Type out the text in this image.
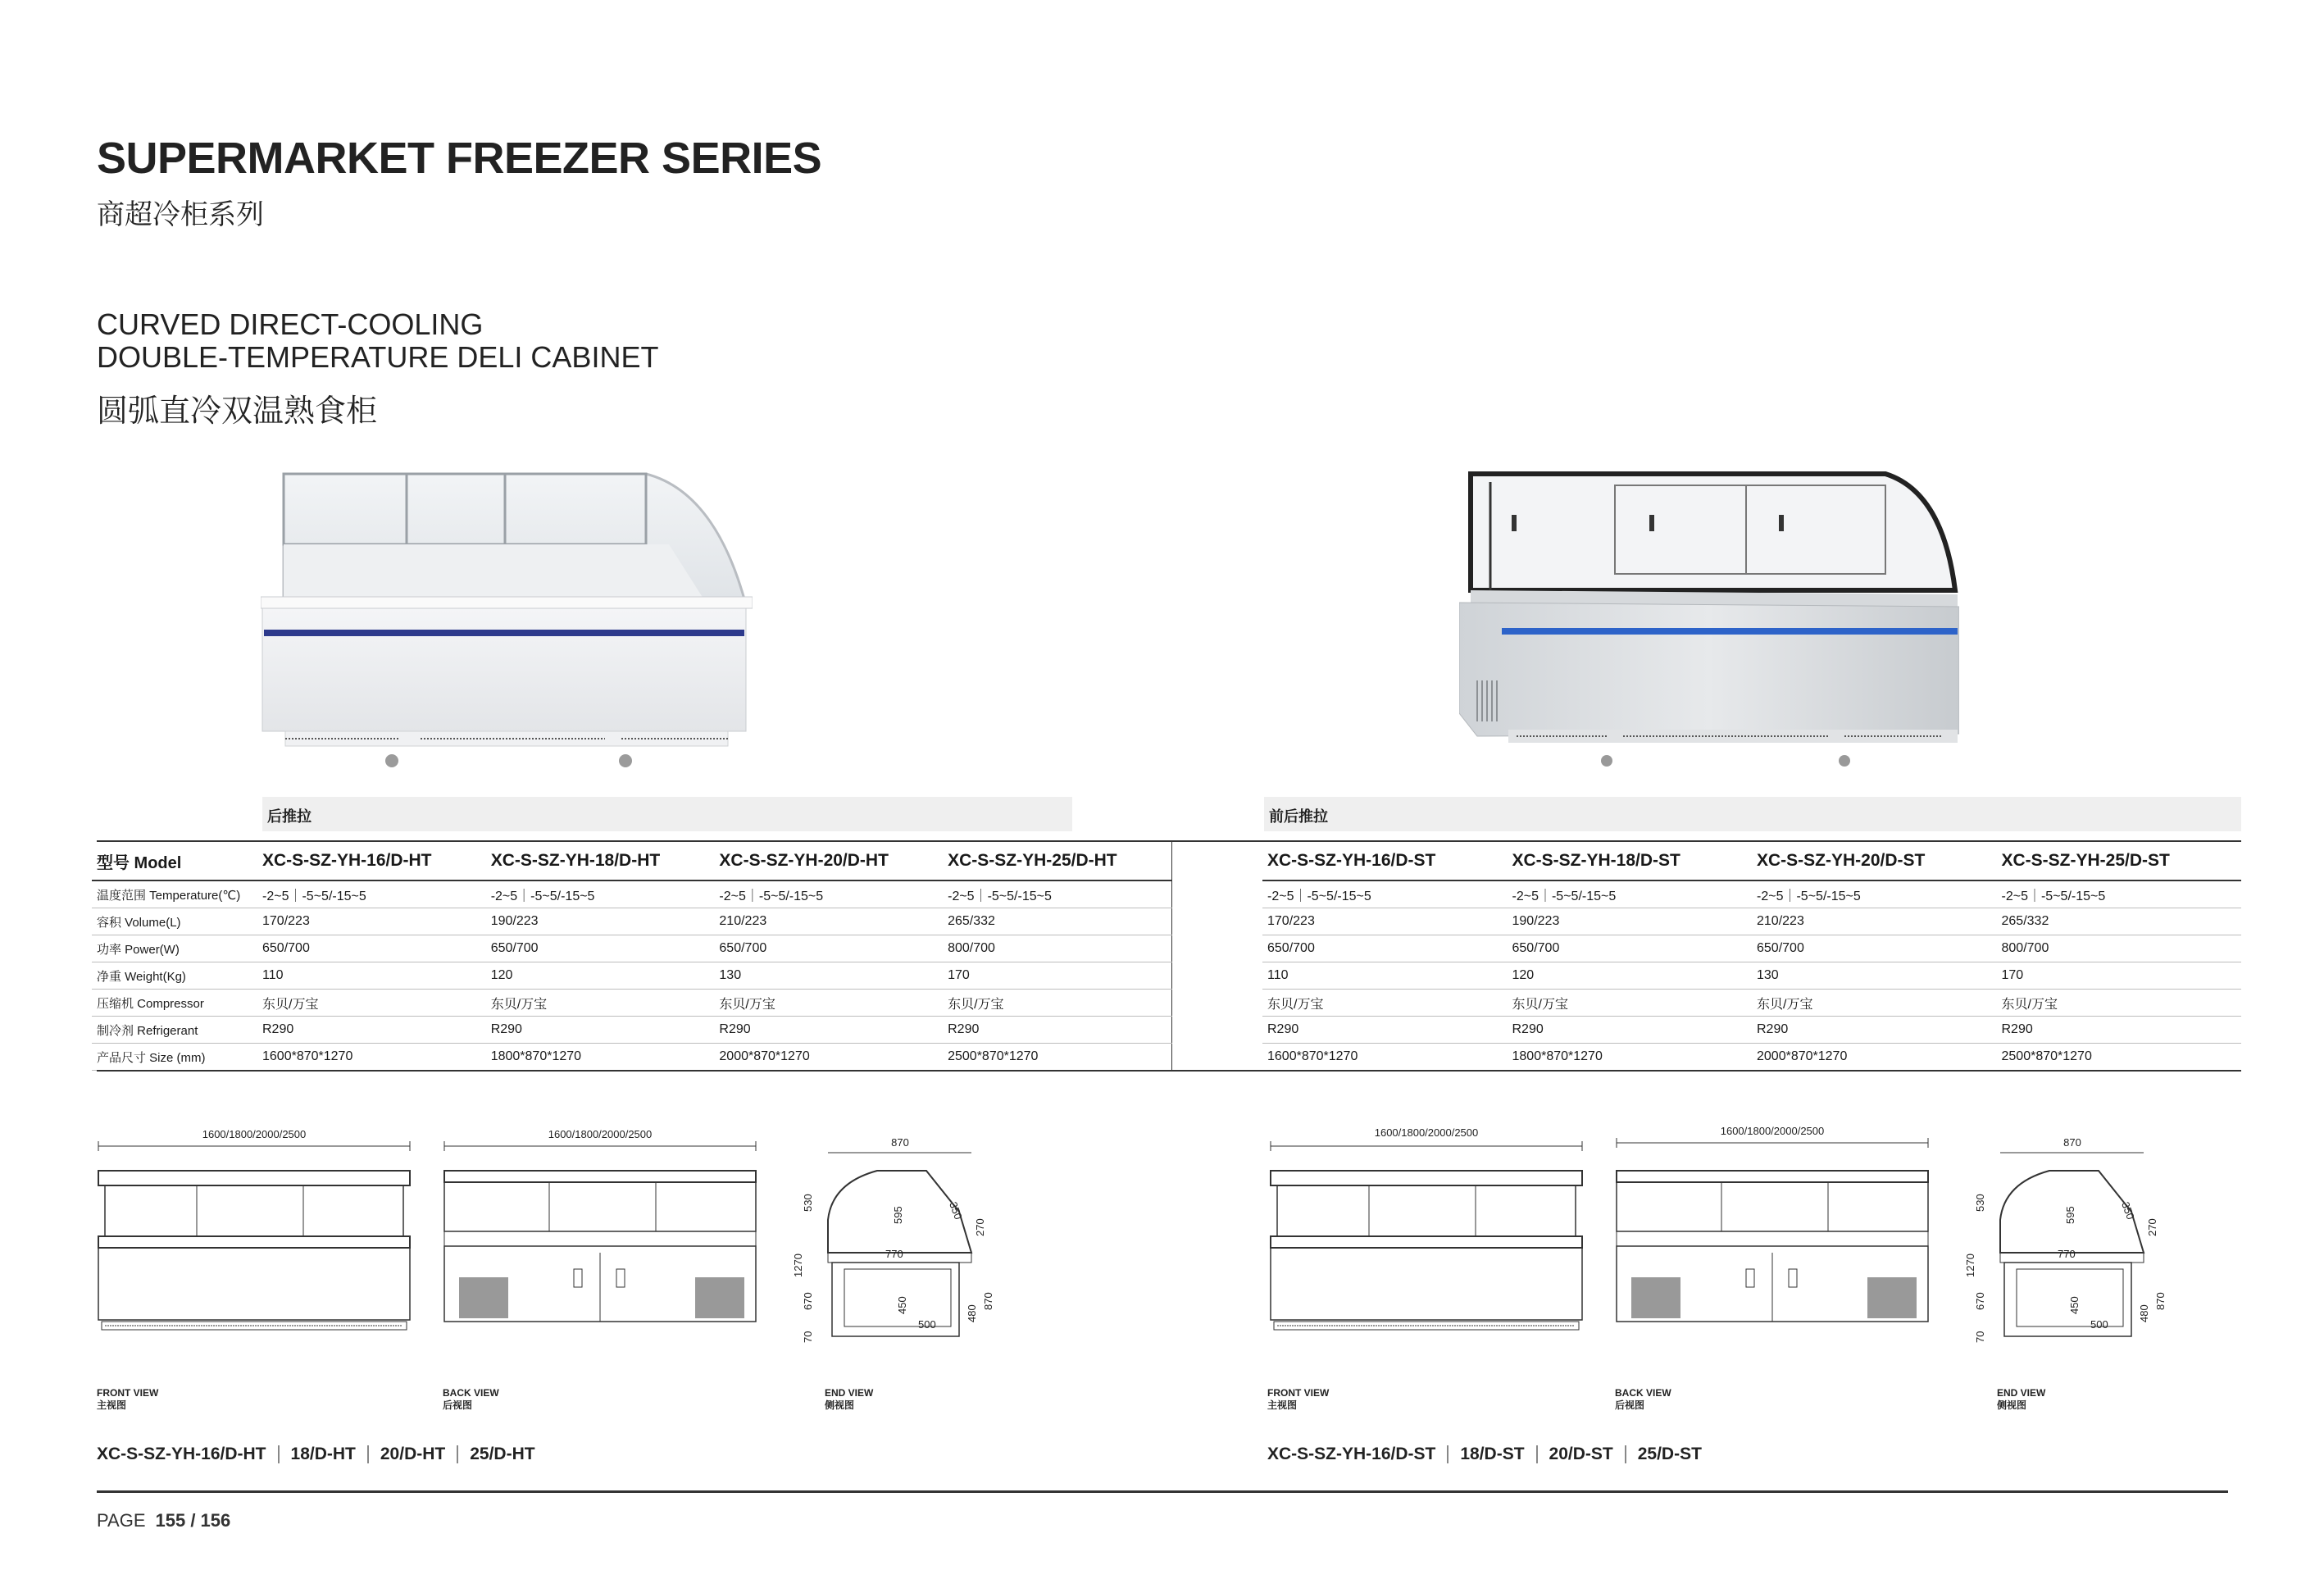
SUPERMARKET FREEZER SERIES
商超冷柜系列
CURVED DIRECT-COOLING
DOUBLE-TEMPERATURE DELI CABINET
圆弧直冷双温熟食柜
后推拉	前后推拉
型号 Model	XC-S-SZ-YH-16/D-HT	XC-S-SZ-YH-18/D-HT	XC-S-SZ-YH-20/D-HT	XC-S-SZ-YH-25/D-HT
温度范围 Temperature(℃)	-2~5｜-5~5/-15~5	-2~5｜-5~5/-15~5	-2~5｜-5~5/-15~5	-2~5｜-5~5/-15~5
容积 Volume(L)	170/223	190/223	210/223	265/332
功率 Power(W)	650/700	650/700	650/700	800/700
净重 Weight(Kg)	110	120	130	170
压缩机 Compressor	东贝/万宝	东贝/万宝	东贝/万宝	东贝/万宝
制冷剂 Refrigerant	R290	R290	R290	R290
产品尺寸 Size (mm)	1600*870*1270	1800*870*1270	2000*870*1270	2500*870*1270
XC-S-SZ-YH-16/D-ST	XC-S-SZ-YH-18/D-ST	XC-S-SZ-YH-20/D-ST	XC-S-SZ-YH-25/D-ST
-2~5｜-5~5/-15~5	-2~5｜-5~5/-15~5	-2~5｜-5~5/-15~5	-2~5｜-5~5/-15~5
170/223	190/223	210/223	265/332
650/700	650/700	650/700	800/700
110	120	130	170
东贝/万宝	东贝/万宝	东贝/万宝	东贝/万宝
R290	R290	R290	R290
1600*870*1270	1800*870*1270	2000*870*1270	2500*870*1270
1600/1800/2000/2500	1600/1800/2000/2500
870
350
530
595
770
270
1270
670	450
500
480
870
70
1600/1800/2000/2500	1600/1800/2000/2500
870
350
530
595
770
270
1270
670	450
500
480
870
70
FRONT VIEW
主视图
BACK VIEW
后视图
END VIEW
侧视图
FRONT VIEW
主视图
BACK VIEW
后视图
END VIEW
侧视图
XC-S-SZ-YH-16/D-HT 18/D-HT 20/D-HT 25/D-HT	XC-S-SZ-YH-16/D-ST 18/D-ST 20/D-ST 25/D-ST
PAGE 155 / 156
